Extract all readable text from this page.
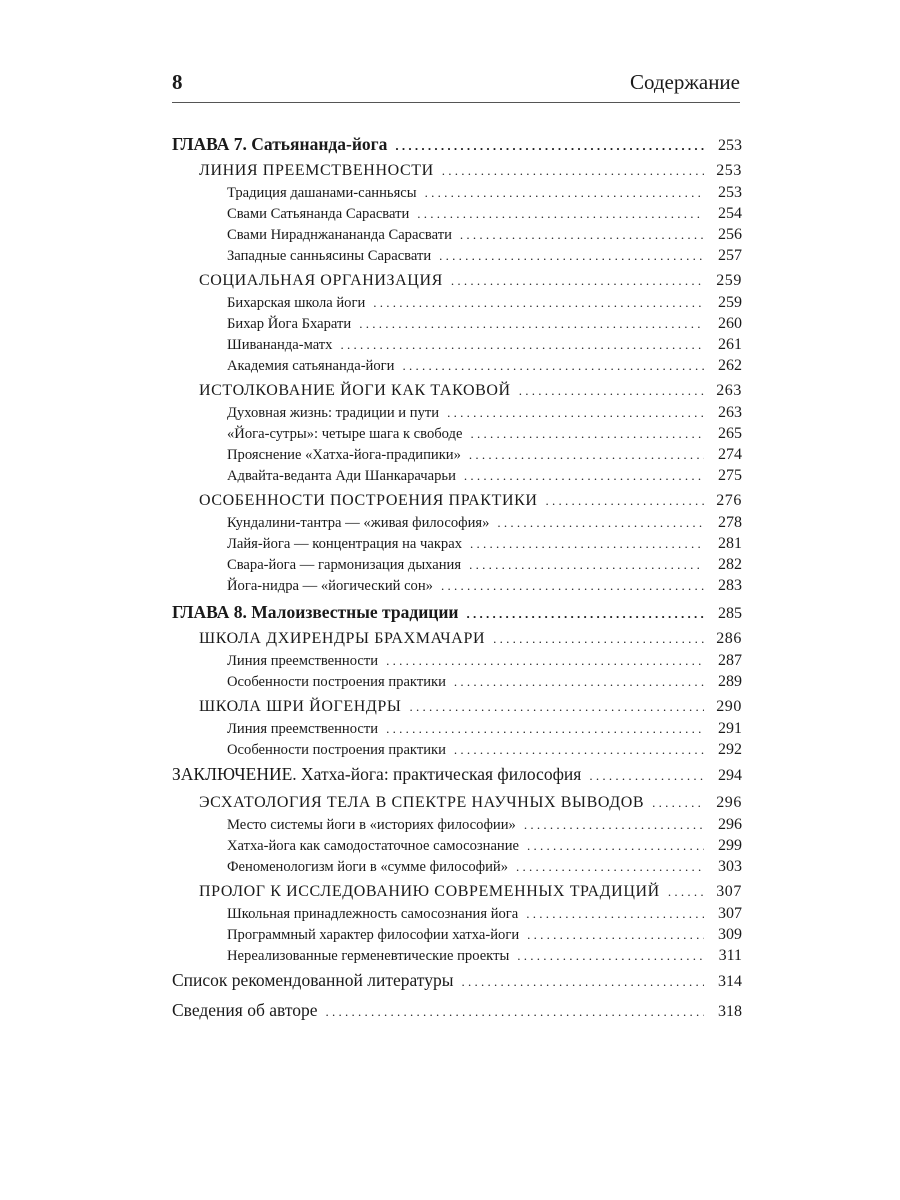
8	Содержание
ГЛАВА 7. Сатьянанда-йога . . .	253
ЛИНИЯ ПРЕЕМСТВЕННОСТИ . . .	253
Традиция дашанами-санньясы . . .	253
Свами Сатьянанда Сарасвати . . .	254
Свами Нираднжанананда Сарасвати . . .	256
Западные санньясины Сарасвати . . .	257
СОЦИАЛЬНАЯ ОРГАНИЗАЦИЯ . . .	259
Бихарская школа йоги . . .	259
Бихар Йога Бхарати . . .	260
Шивананда-матх . . .	261
Академия сатьянанда-йоги . . .	262
ИСТОЛКОВАНИЕ ЙОГИ КАК ТАКОВОЙ . . .	263
Духовная жизнь: традиции и пути . . .	263
«Йога-сутры»: четыре шага к свободе . . .	265
Прояснение «Хатха-йога-прадипики» . . .	274
Адвайта-веданта Ади Шанкарачарьи . . .	275
ОСОБЕННОСТИ ПОСТРОЕНИЯ ПРАКТИКИ . . .	276
Кундалини-тантра — «живая философия» . . .	278
Лайя-йога — концентрация на чакрах . . .	281
Свара-йога — гармонизация дыхания . . .	282
Йога-нидра — «йогический сон» . . .	283
ГЛАВА 8. Малоизвестные традиции . . .	285
ШКОЛА ДХИРЕНДРЫ БРАХМАЧАРИ . . .	286
Линия преемственности . . .	287
Особенности построения практики . . .	289
ШКОЛА ШРИ ЙОГЕНДРЫ . . .	290
Линия преемственности . . .	291
Особенности построения практики . . .	292
ЗАКЛЮЧЕНИЕ. Хатха-йога: практическая философия . . .	294
ЭСХАТОЛОГИЯ ТЕЛА В СПЕКТРЕ НАУЧНЫХ ВЫВОДОВ . . .	296
Место системы йоги в «историях философии» . . .	296
Хатха-йога как самодостаточное самосознание . . .	299
Феноменологизм йоги в «сумме философий» . . .	303
ПРОЛОГ К ИССЛЕДОВАНИЮ СОВРЕМЕННЫХ ТРАДИЦИЙ . . .	307
Школьная принадлежность самосознания йога . . .	307
Программный характер философии хатха-йоги . . .	309
Нереализованные герменевтические проекты . . .	311
Список рекомендованной литературы . . .	314
Сведения об авторе . . .	318
